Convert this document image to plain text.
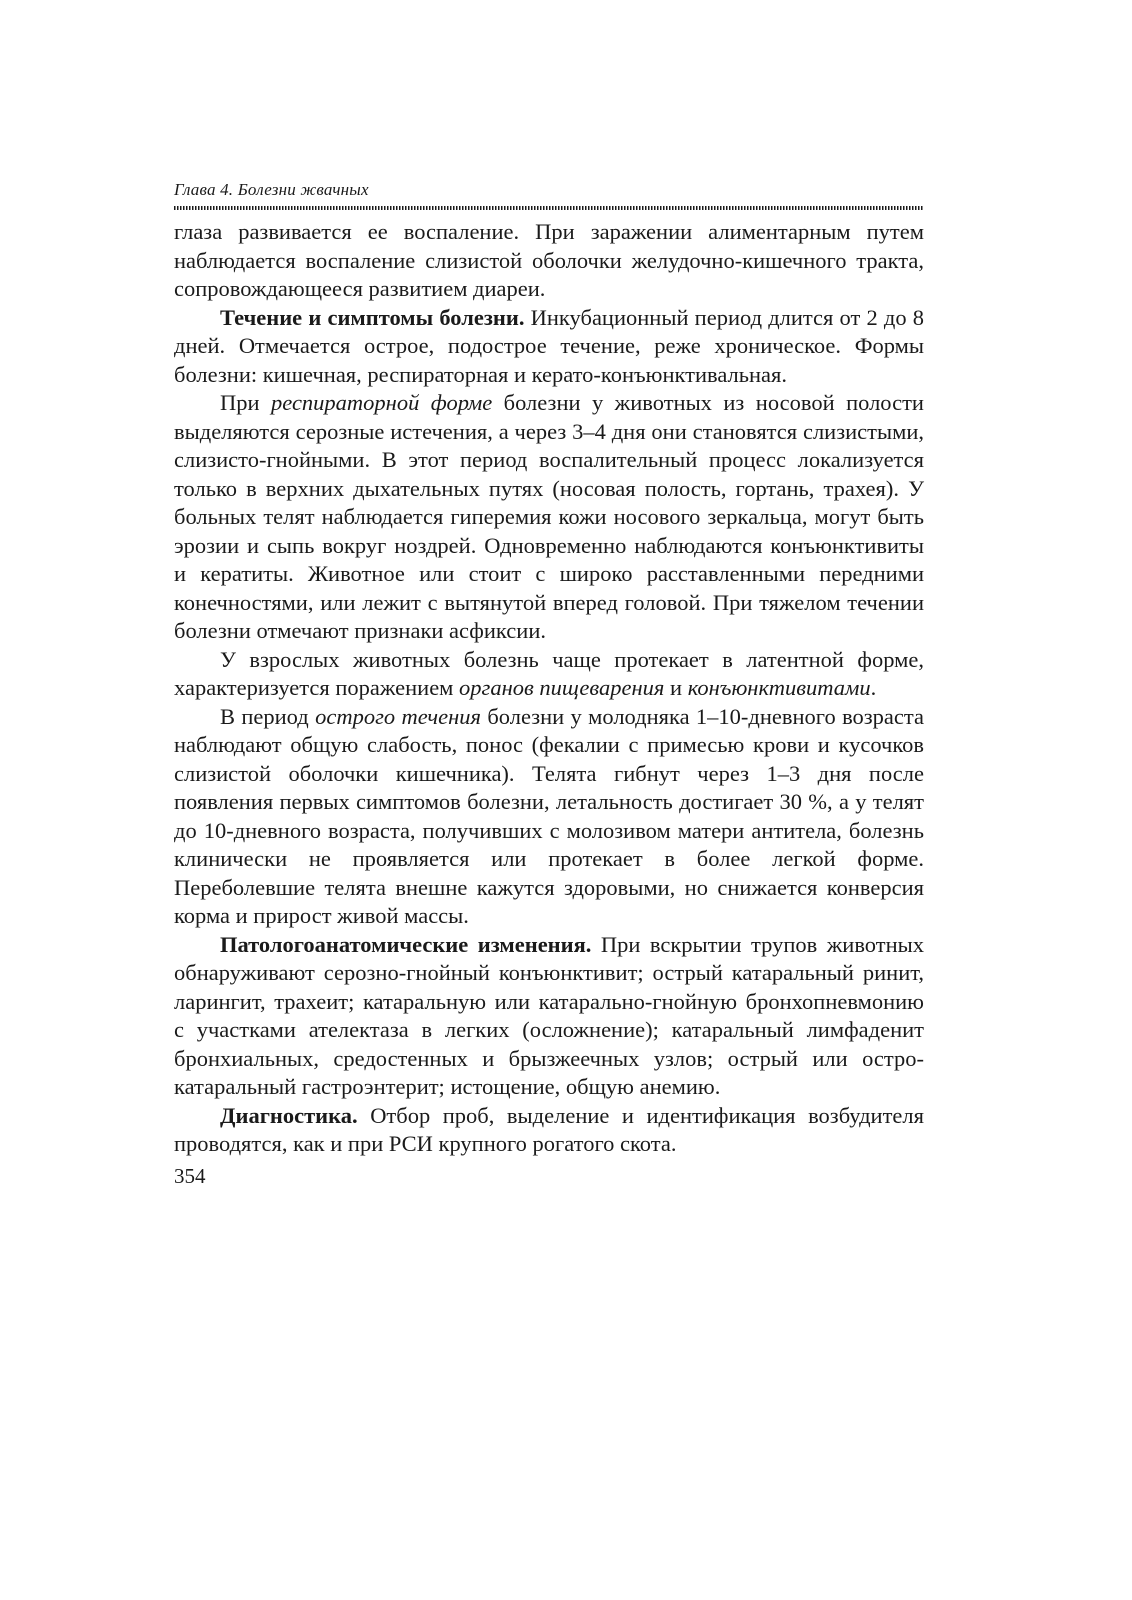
Глава 4. Болезни жвачных

глаза развивается ее воспаление. При заражении алиментарным путем наблюдается воспаление слизистой оболочки желудочно-кишечного тракта, сопровождающееся развитием диареи.

Течение и симптомы болезни. Инкубационный период длится от 2 до 8 дней. Отмечается острое, подострое течение, реже хроническое. Формы болезни: кишечная, респираторная и керато-конъюнктивальная.

При респираторной форме болезни у животных из носовой полости выделяются серозные истечения, а через 3–4 дня они становятся слизистыми, слизисто-гнойными. В этот период воспалительный процесс локализуется только в верхних дыхательных путях (носовая полость, гортань, трахея). У больных телят наблюдается гиперемия кожи носового зеркальца, могут быть эрозии и сыпь вокруг ноздрей. Одновременно наблюдаются конъюнктивиты и кератиты. Животное или стоит с широко расставленными передними конечностями, или лежит с вытянутой вперед головой. При тяжелом течении болезни отмечают признаки асфиксии.

У взрослых животных болезнь чаще протекает в латентной форме, характеризуется поражением органов пищеварения и конъюнктивитами.

В период острого течения болезни у молодняка 1–10-дневного возраста наблюдают общую слабость, понос (фекалии с примесью крови и кусочков слизистой оболочки кишечника). Телята гибнут через 1–3 дня после появления первых симптомов болезни, летальность достигает 30 %, а у телят до 10-дневного возраста, получивших с молозивом матери антитела, болезнь клинически не проявляется или протекает в более легкой форме. Переболевшие телята внешне кажутся здоровыми, но снижается конверсия корма и прирост живой массы.

Патологоанатомические изменения. При вскрытии трупов животных обнаруживают серозно-гнойный конъюнктивит; острый катаральный ринит, ларингит, трахеит; катаральную или катарально-гнойную бронхопневмонию с участками ателектаза в легких (осложнение); катаральный лимфаденит бронхиальных, средостенных и брызжеечных узлов; острый или остро-катаральный гастроэнтерит; истощение, общую анемию.

Диагностика. Отбор проб, выделение и идентификация возбудителя проводятся, как и при РСИ крупного рогатого скота.

354
